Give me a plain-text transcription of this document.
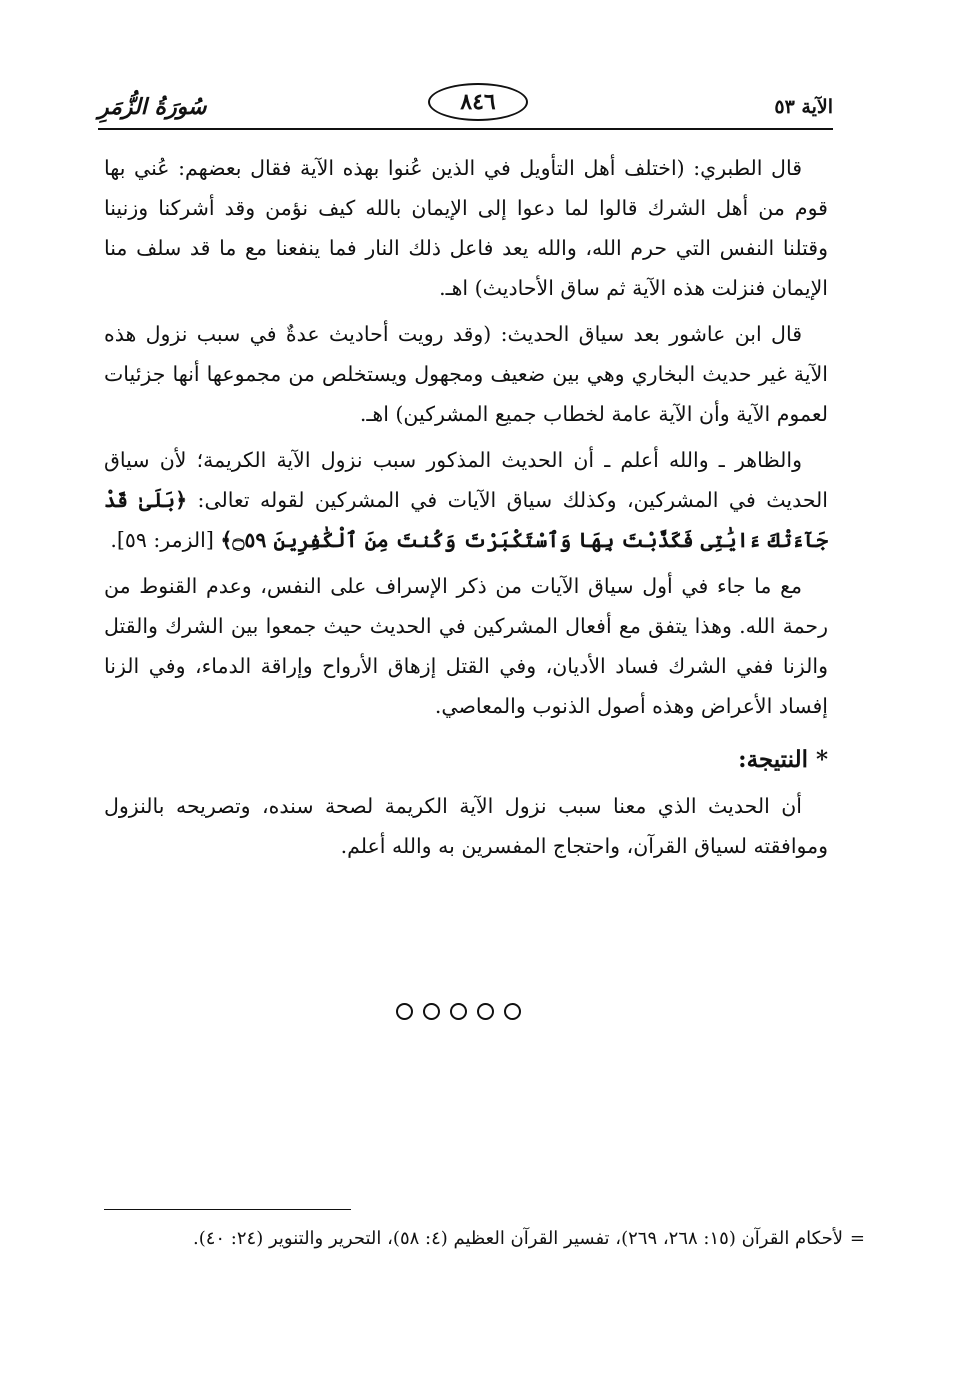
سُورَةُ الزُّمَرِ	٨٤٦	الآية ٥٣

قال الطبري: (اختلف أهل التأويل في الذين عُنوا بهذه الآية فقال بعضهم: عُني بها قوم من أهل الشرك قالوا لما دعوا إلى الإيمان بالله كيف نؤمن وقد أشركنا وزنينا وقتلنا النفس التي حرم الله، والله يعد فاعل ذلك النار فما ينفعنا مع ما قد سلف منا الإيمان فنزلت هذه الآية ثم ساق الأحاديث) اهـ.

قال ابن عاشور بعد سياق الحديث: (وقد رويت أحاديث عدةٌ في سبب نزول هذه الآية غير حديث البخاري وهي بين ضعيف ومجهول ويستخلص من مجموعها أنها جزئيات لعموم الآية وأن الآية عامة لخطاب جميع المشركين) اهـ.

والظاهر ـ والله أعلم ـ أن الحديث المذكور سبب نزول الآية الكريمة؛ لأن سياق الحديث في المشركين، وكذلك سياق الآيات في المشركين لقوله تعالى: ﴿بَلَىٰ قَدْ جَآءَتْكَ ءَايَٰتِى فَكَذَّبْتَ بِهَا وَٱسْتَكْبَرْتَ وَكُنتَ مِنَ ٱلْكَٰفِرِينَ ۝٥٩﴾ [الزمر: ٥٩].

مع ما جاء في أول سياق الآيات من ذكر الإسراف على النفس، وعدم القنوط من رحمة الله. وهذا يتفق مع أفعال المشركين في الحديث حيث جمعوا بين الشرك والقتل والزنا ففي الشرك فساد الأديان، وفي القتل إزهاق الأرواح وإراقة الدماء، وفي الزنا إفساد الأعراض وهذه أصول الذنوب والمعاصي.

*النتيجة:

أن الحديث الذي معنا سبب نزول الآية الكريمة لصحة سنده، وتصريحه بالنزول وموافقته لسياق القرآن، واحتجاج المفسرين به والله أعلم.

=
لأحكام القرآن (١٥: ٢٦٨، ٢٦٩)، تفسير القرآن العظيم (٤: ٥٨)، التحرير والتنوير (٢٤: ٤٠).
